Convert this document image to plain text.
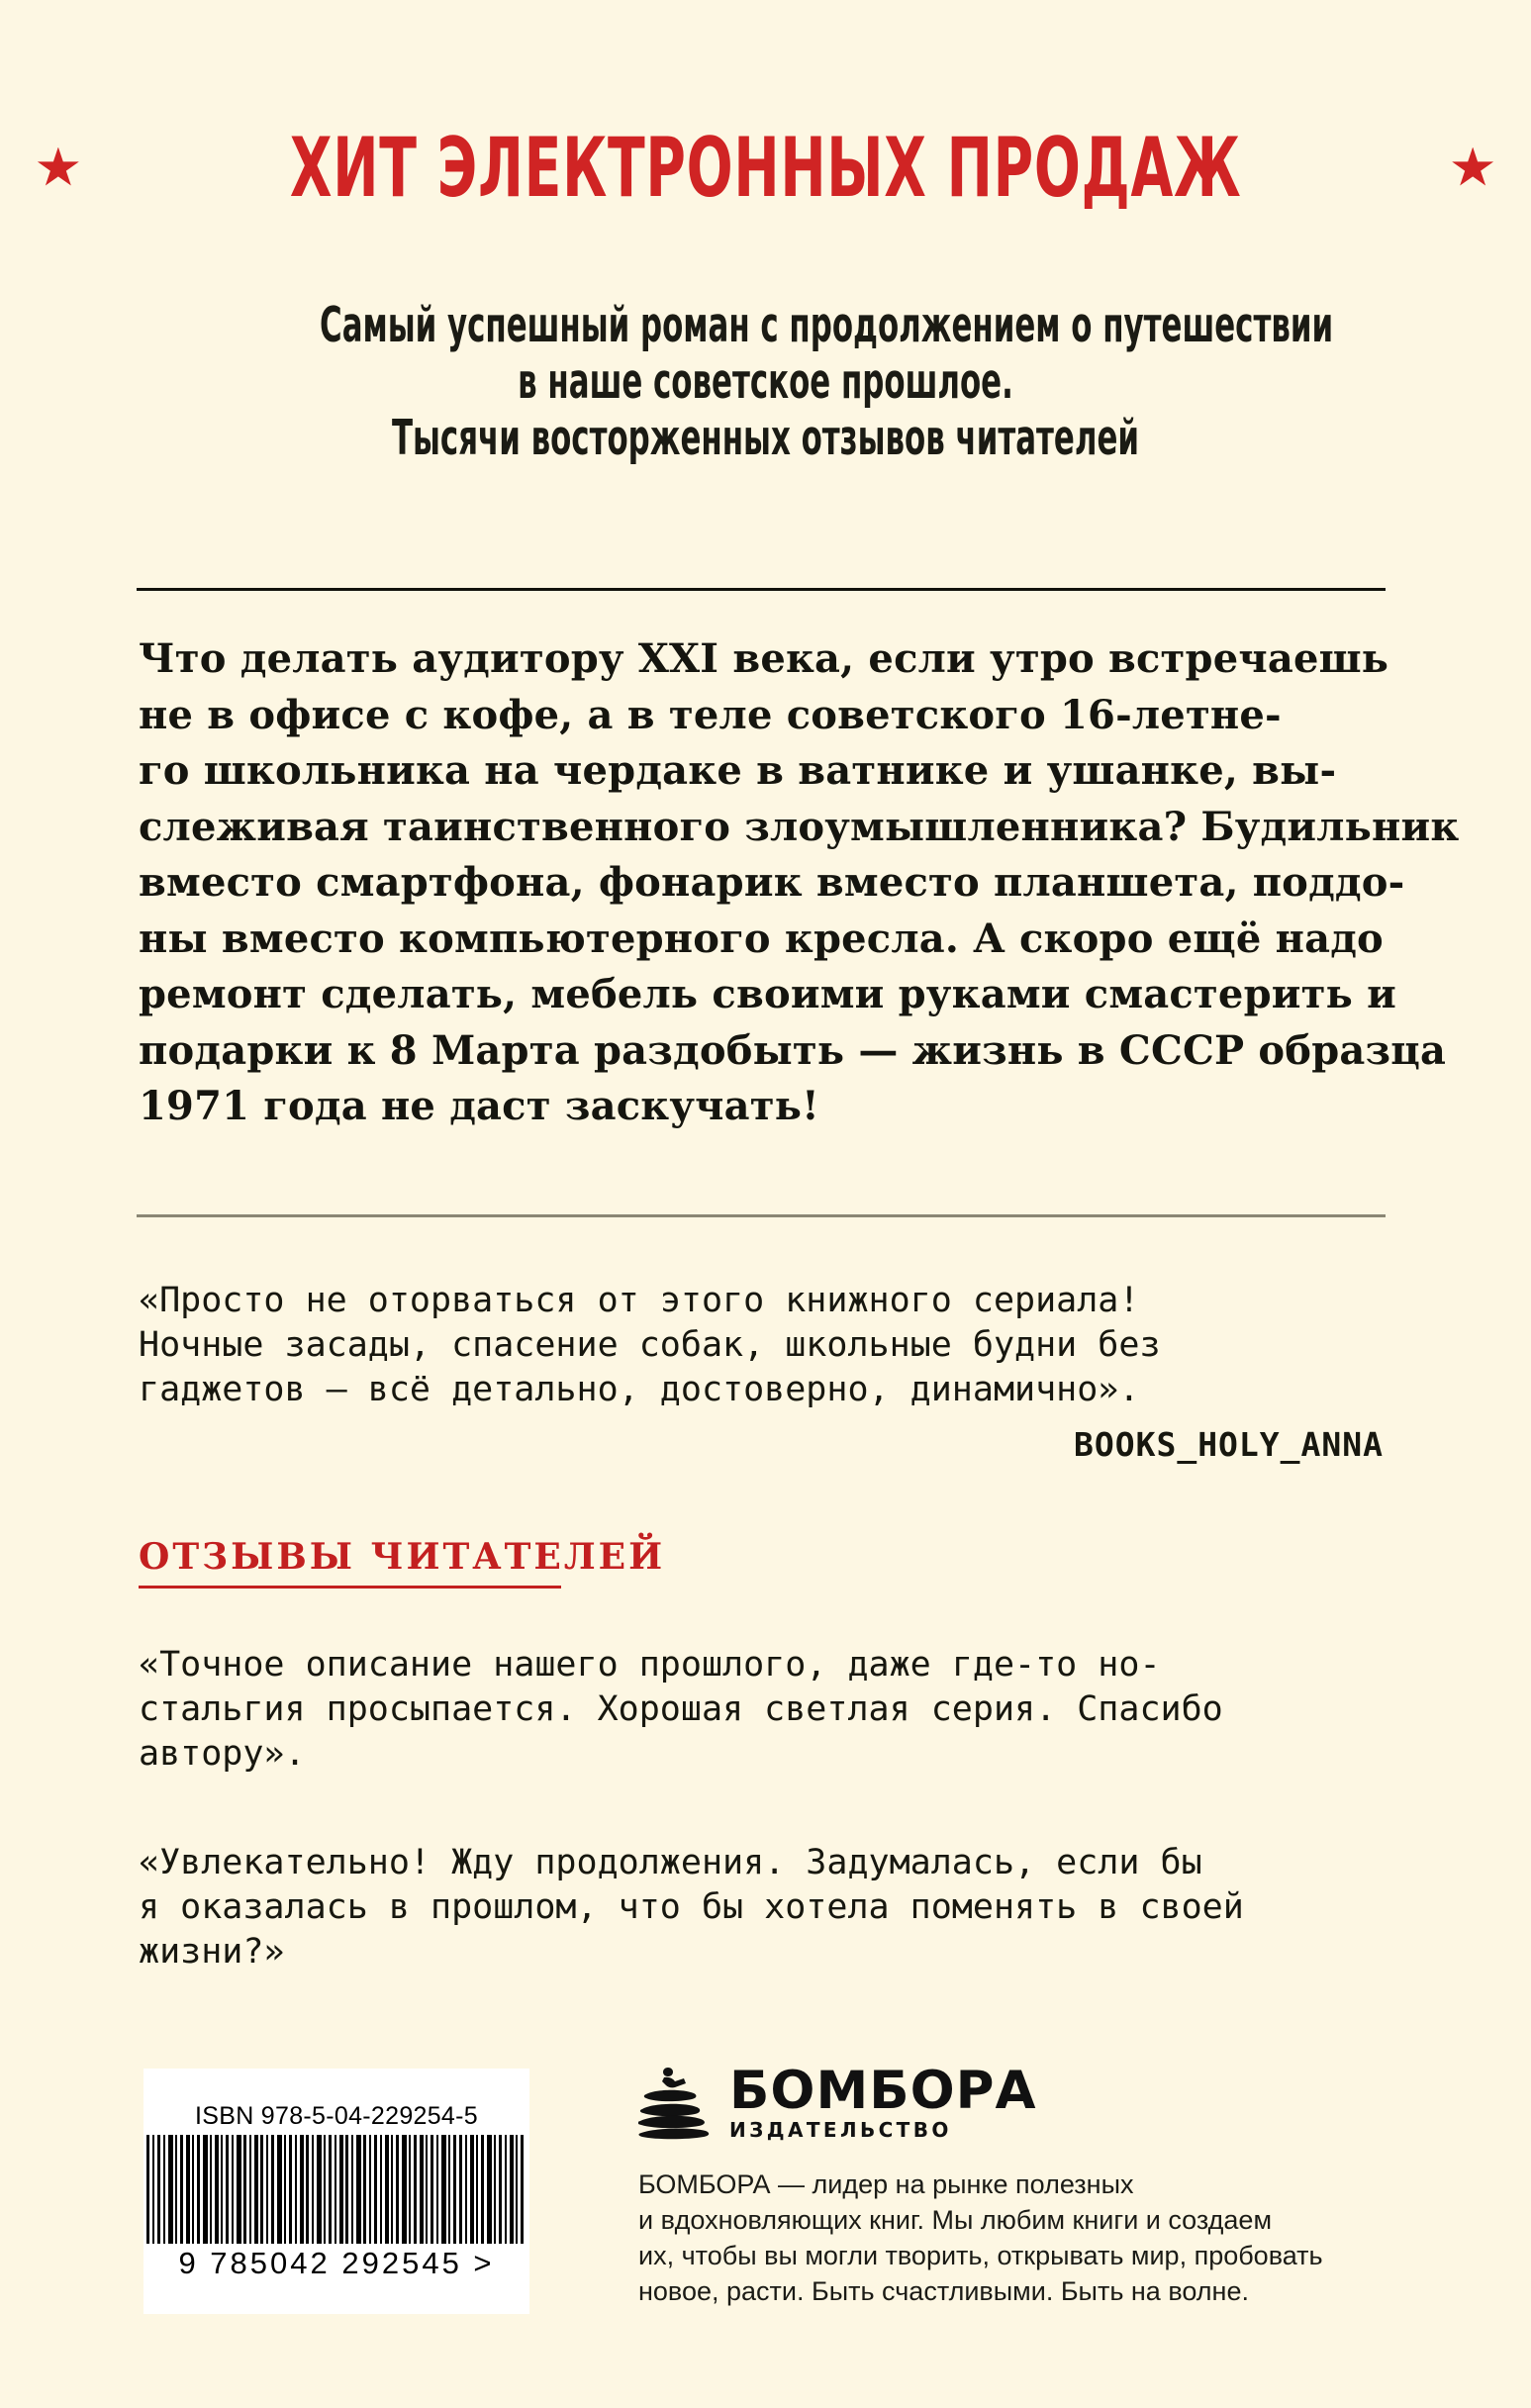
ХИТ ЭЛЕКТРОННЫХ ПРОДАЖ
Самый успешный роман с продолжением о путешествии
в наше советское прошлое.
Тысячи восторженных отзывов читателей
Что делать аудитору XXI века, если утро встречаешь
не в офисе с кофе, а в теле советского 16-летне-
го школьника на чердаке в ватнике и ушанке, вы-
слеживая таинственного злоумышленника? Будильник
вместо смартфона, фонарик вместо планшета, поддо-
ны вместо компьютерного кресла. А скоро ещё надо
ремонт сделать, мебель своими руками смастерить и
подарки к 8 Марта раздобыть — жизнь в СССР образца
1971 года не даст заскучать!
«Просто не оторваться от этого книжного сериала!
Ночные засады, спасение собак, школьные будни без
гаджетов — всё детально, достоверно, динамично».
BOOKS_HOLY_ANNA
ОТЗЫВЫ ЧИТАТЕЛЕЙ
«Точное описание нашего прошлого, даже где-то но-
стальгия просыпается. Хорошая светлая серия. Спасибо
автору».
«Увлекательно! Жду продолжения. Задумалась, если бы
я оказалась в прошлом, что бы хотела поменять в своей
жизни?»
ISBN 978-5-04-229254-5
9 785042 292545 >
БОМБОРА
ИЗДАТЕЛЬСТВО
БОМБОРА — лидер на рынке полезных
и вдохновляющих книг. Мы любим книги и создаем
их, чтобы вы могли творить, открывать мир, пробовать
новое, расти. Быть счастливыми. Быть на волне.
